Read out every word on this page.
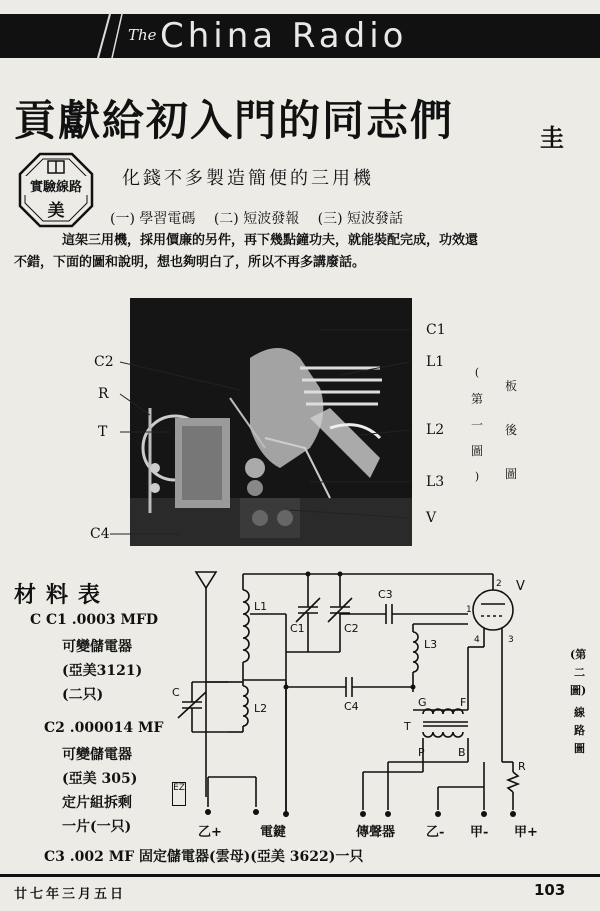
The China Radio
貢獻給初入門的同志們	圭
實驗線路
美
化錢不多製造簡便的三用機
(一) 學習電碼 (二) 短波發報 (三) 短波發話
這架三用機，採用價廉的另件，再下幾點鐘功夫，就能裝配完成，功效還
不錯，下面的圖和說明，想也夠明白了，所以不再多講廢話。
C2
R
T
C4
C1
L1
L2
L3
V
(
第
一
圖
)
板
後
圖
材料表
C C1 .0003 MFD
可變儲電器
(亞美3121)
(二只)
C2 .000014 MF
可變儲電器
(亞美 305)
定片組拆剩
一片(一只)
EZ
L1
C1	C2
C3
C4
C
L2
L3
G	F
T
P	B
R
V
1
2
3
4
乙+	電鍵	傳聲器 乙- 甲- 甲+
(第
二
圖)
線
路
圖
C3 .002 MF 固定儲電器(雲母)(亞美 3622)一只
廿七年三月五日	103
